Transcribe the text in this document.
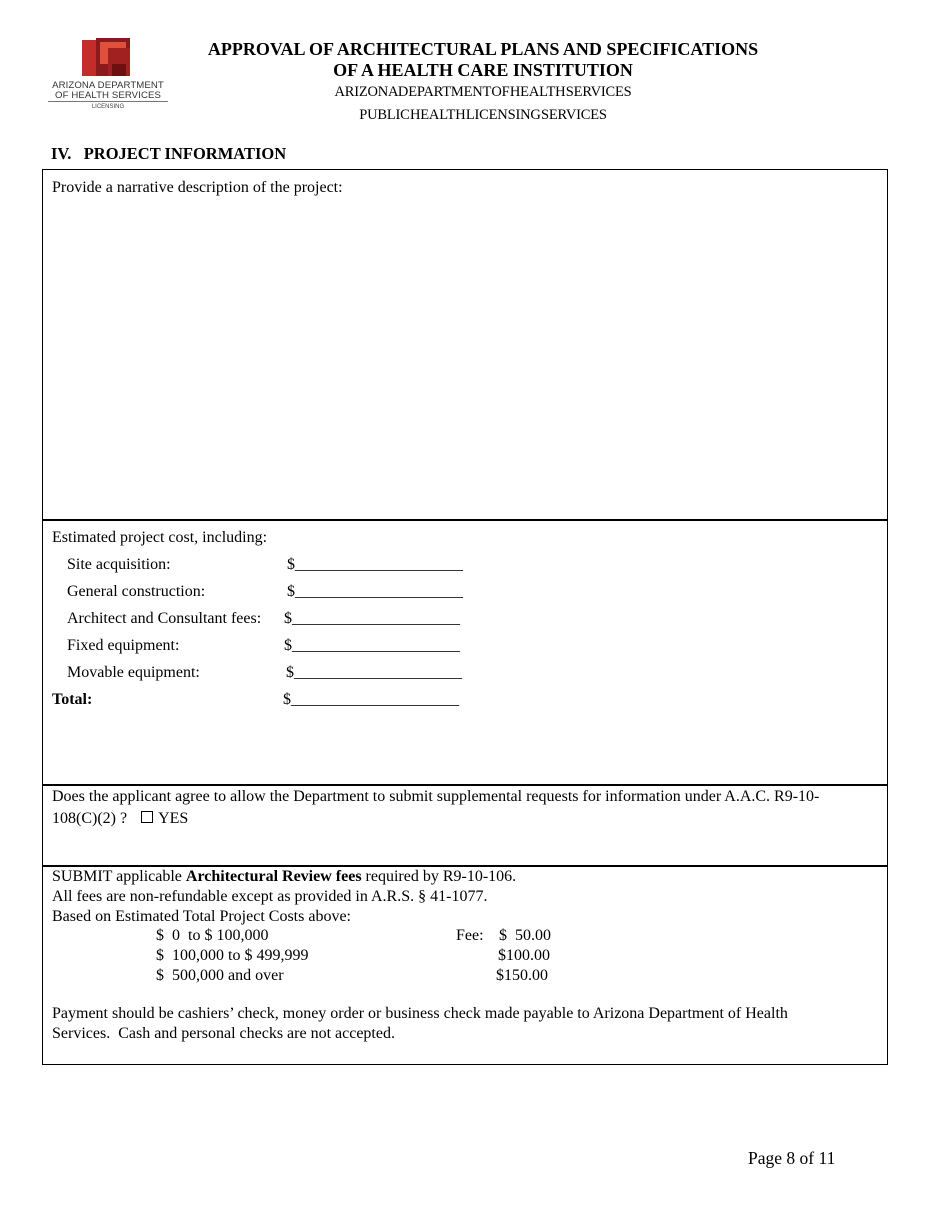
ARIZONA DEPARTMENT
OF HEALTH SERVICES
LICENSING
APPROVAL OF ARCHITECTURAL PLANS AND SPECIFICATIONS
OF A HEALTH CARE INSTITUTION
ARIZONA DEPARTMENT OF HEALTH SERVICES
PUBLIC HEALTH LICENSING SERVICES
IV.   PROJECT INFORMATION
Provide a narrative description of the project:
Estimated project cost, including:
Site acquisition:	$_____________________
General construction:	$_____________________
Architect and Consultant fees: $_____________________
Fixed equipment:	$_____________________
Movable equipment:	$_____________________
Total:	$_____________________
Does the applicant agree to allow the Department to submit supplemental requests for information under A.A.C. R9-10-
108(C)(2) ? YES
SUBMIT applicable Architectural Review fees required by R9-10-106.
All fees are non-refundable except as provided in A.R.S. § 41-1077.
Based on Estimated Total Project Costs above:
$  0  to $ 100,000	Fee: $  50.00
$  100,000 to $ 499,999	$100.00
$  500,000 and over	$150.00
Payment should be cashiers’ check, money order or business check made payable to Arizona Department of Health
Services.  Cash and personal checks are not accepted.
Page 8 of 11
